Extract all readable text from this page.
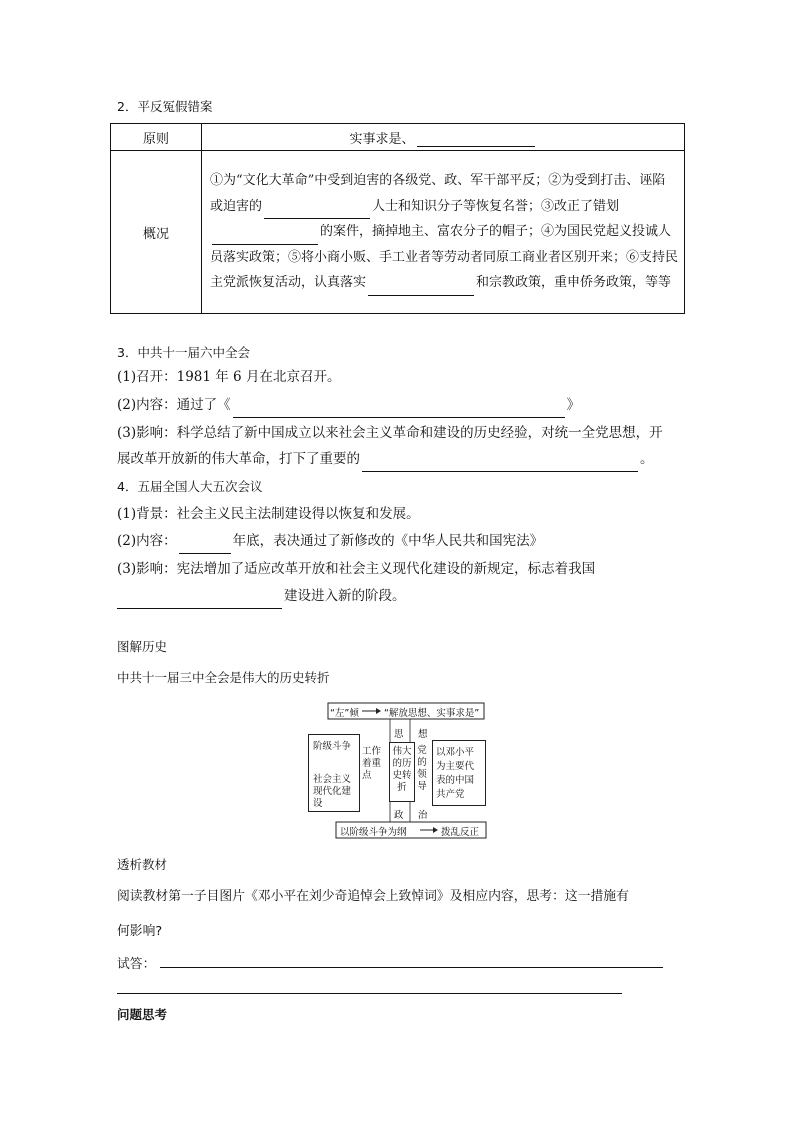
2．平反冤假错案
原则	实事求是、
概况	①为“文化大革命”中受到迫害的各级党、政、军干部平反；②为受到打击、诬陷或迫害的 人士和知识分子等恢复名誉；③改正了错划的案件，摘掉地主、富农分子的帽子；④为国民党起义投诚人员落实政策；⑤将小商小贩、手工业者等劳动者同原工商业者区别开来；⑥支持民主党派恢复活动，认真落实 和宗教政策，重申侨务政策，等等
3．中共十一届六中全会
(1)召开：1981 年 6 月在北京召开。
(2)内容：通过了《	》
(3)影响：科学总结了新中国成立以来社会主义革命和建设的历史经验，对统一全党思想，开
展改革开放新的伟大革命，打下了重要的	。
4．五届全国人大五次会议
(1)背景：社会主义民主法制建设得以恢复和发展。
(2)内容：	年底，表决通过了新修改的《中华人民共和国宪法》
(3)影响：宪法增加了适应改革开放和社会主义现代化建设的新规定，标志着我国
建设进入新的阶段。
图解历史
中共十一届三中全会是伟大的历史转折
“左”倾	“解放思想、实事求是”
思 想
阶级斗争
社会主义
现代化建
设
工作
着重
点
伟大
的历
史转
折
党
的
领
导
以邓小平
为主要代
表的中国
共产党
政 治
以阶级斗争为纲	拨乱反正
透析教材
阅读教材第一子目图片《邓小平在刘少奇追悼会上致悼词》及相应内容，思考：这一措施有
何影响?
试答：
问题思考
